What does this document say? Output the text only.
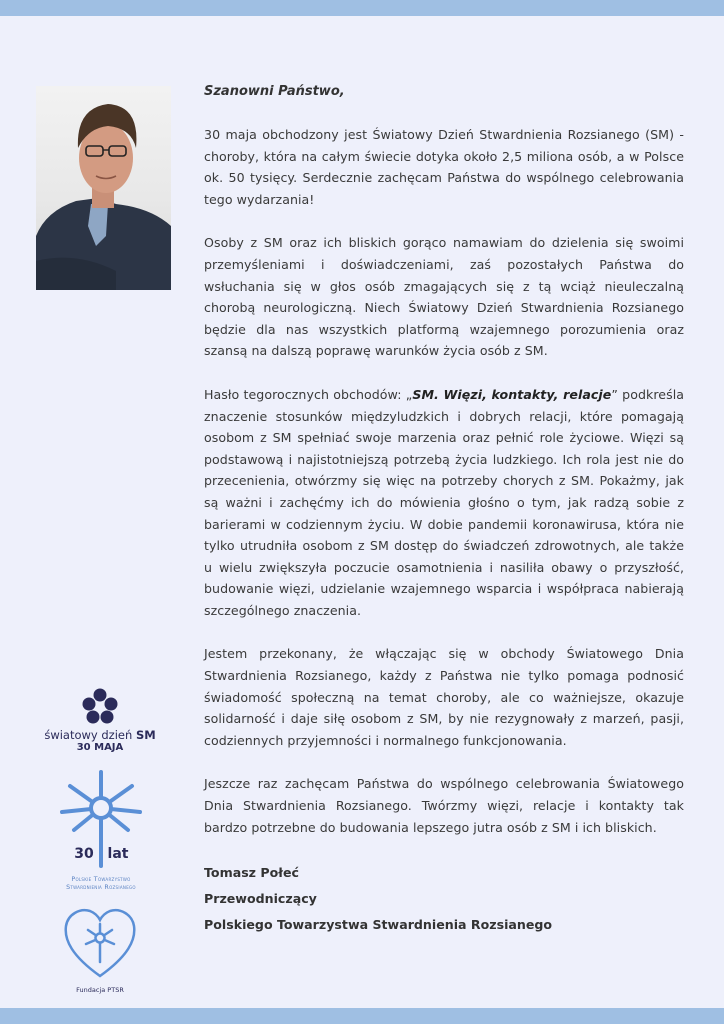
Szanowni Państwo,

30 maja obchodzony jest Światowy Dzień Stwardnienia Rozsianego (SM) - choroby, która na całym świecie dotyka około 2,5 miliona osób, a w Polsce ok. 50 tysięcy. Serdecznie zachęcam Państwa do wspólnego celebrowania tego wydarzania!

Osoby z SM oraz ich bliskich gorąco namawiam do dzielenia się swoimi przemyśleniami i doświadczeniami, zaś pozostałych Państwa do wsłuchania się w głos osób zmagających się z tą wciąż nieuleczalną chorobą neurologiczną. Niech Światowy Dzień Stwardnienia Rozsianego będzie dla nas wszystkich platformą wzajemnego porozumienia oraz szansą na dalszą poprawę warunków życia osób z SM.

Hasło tegorocznych obchodów: „SM. Więzi, kontakty, relacje” podkreśla znaczenie stosunków międzyludzkich i dobrych relacji, które pomagają osobom z SM spełniać swoje marzenia oraz pełnić role życiowe. Więzi są podstawową i najistotniejszą potrzebą życia ludzkiego. Ich rola jest nie do przecenienia, otwórzmy się więc na potrzeby chorych z SM. Pokażmy, jak są ważni i zachęćmy ich do mówienia głośno o tym, jak radzą sobie z barierami w codziennym życiu. W dobie pandemii koronawirusa, która nie tylko utrudniła osobom z SM dostęp do świadczeń zdrowotnych, ale także u wielu zwiększyła poczucie osamotnienia i nasiliła obawy o przyszłość, budowanie więzi, udzielanie wzajemnego wsparcia i współpraca nabierają szczególnego znaczenia.

Jestem przekonany, że włączając się w obchody Światowego Dnia Stwardnienia Rozsianego, każdy z Państwa nie tylko pomaga podnosić świadomość społeczną na temat choroby, ale co ważniejsze, okazuje solidarność i daje siłę osobom z SM, by nie rezygnowały z marzeń, pasji, codziennych przyjemności i normalnego funkcjonowania.

Jeszcze raz zachęcam Państwa do wspólnego celebrowania Światowego Dnia Stwardnienia Rozsianego. Twórzmy więzi, relacje i kontakty tak bardzo potrzebne do budowania lepszego jutra osób z SM i ich bliskich.

Tomasz Połeć

Przewodniczący

Polskiego Towarzystwa Stwardnienia Rozsianego

światowy dzień SM
30 MAJA
30 lat
Polskie Towarzystwo
Stwardnienia Rozsianego
Fundacja PTSR
